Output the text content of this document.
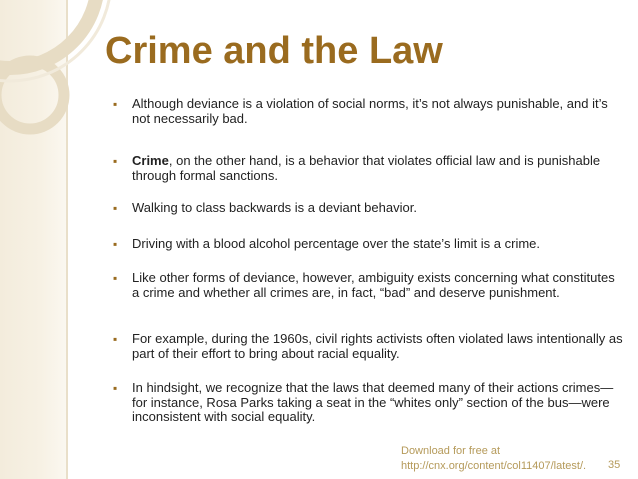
Crime and the Law
▪ Although deviance is a violation of social norms, it’s not always punishable, and it’s not necessarily bad.
▪ Crime, on the other hand, is a behavior that violates official law and is punishable through formal sanctions.
▪ Walking to class backwards is a deviant behavior.
▪ Driving with a blood alcohol percentage over the state’s limit is a crime.
▪ Like other forms of deviance, however, ambiguity exists concerning what constitutes a crime and whether all crimes are, in fact, “bad” and deserve punishment.
▪ For example, during the 1960s, civil rights activists often violated laws intentionally as part of their effort to bring about racial equality.
▪ In hindsight, we recognize that the laws that deemed many of their actions crimes—for instance, Rosa Parks taking a seat in the “whites only” section of the bus—were inconsistent with social equality.
Download for free at
http://cnx.org/content/col11407/latest/. 35
